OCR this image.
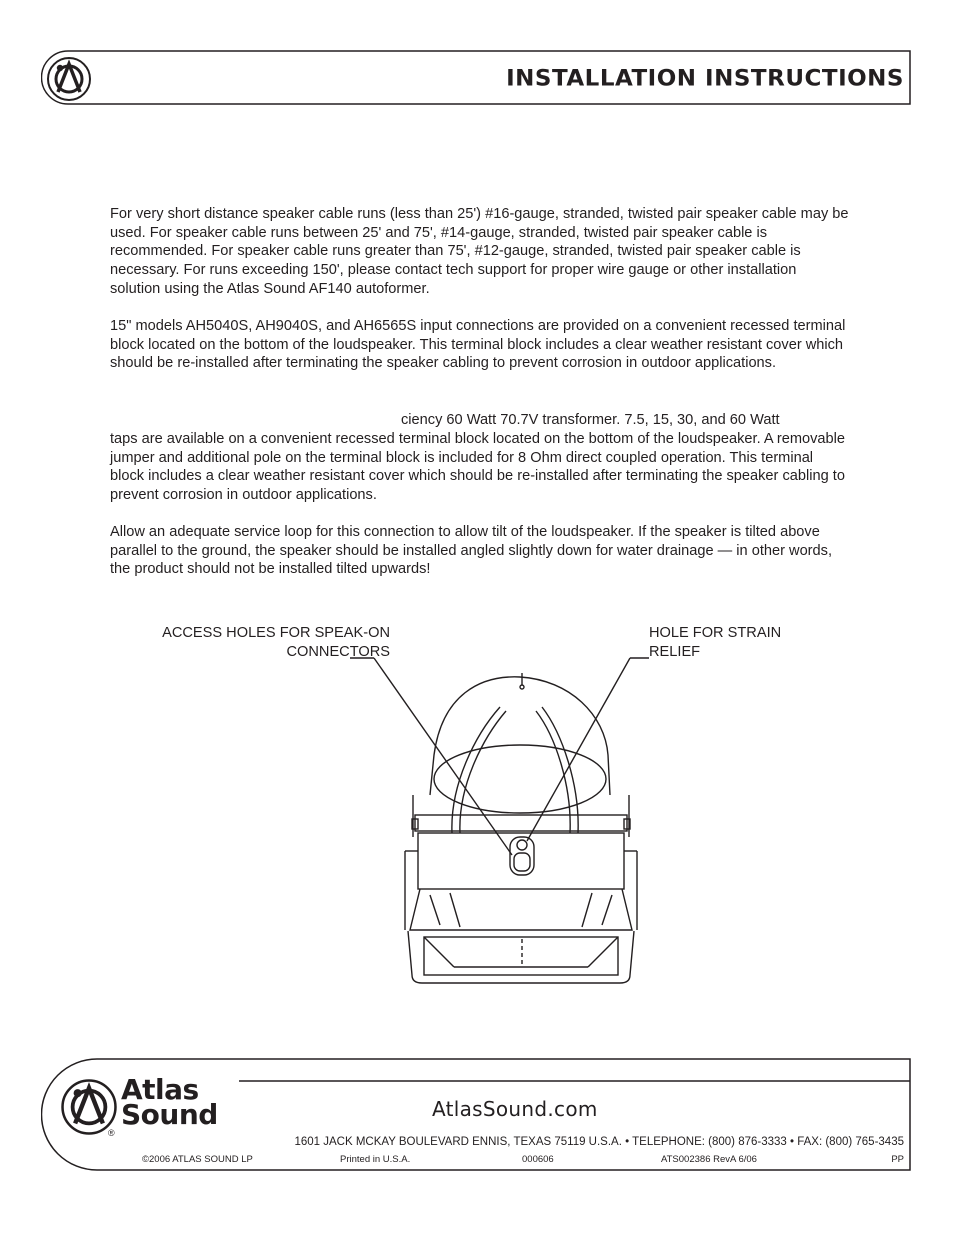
INSTALLATION INSTRUCTIONS

For very short distance speaker cable runs (less than 25') #16-gauge, stranded, twisted pair speaker cable may be used. For speaker cable runs between 25' and 75', #14-gauge, stranded, twisted pair speaker cable is recommended. For speaker cable runs greater than 75', #12-gauge, stranded, twisted pair speaker cable is necessary. For runs exceeding 150', please contact tech support for proper wire gauge or other installation solution using the Atlas Sound AF140 autoformer.

15" models AH5040S, AH9040S, and AH6565S input connections are provided on a convenient recessed terminal block located on the bottom of the loudspeaker. This terminal block includes a clear weather resistant cover which should be re-installed after terminating the speaker cabling to prevent corrosion in outdoor applications.

ciency 60 Watt 70.7V transformer. 7.5, 15, 30, and 60 Watt

taps are available on a convenient recessed terminal block located on the bottom of the loudspeaker. A removable jumper and additional pole on the terminal block is included for 8 Ohm direct coupled operation. This terminal block includes a clear weather resistant cover which should be re-installed after terminating the speaker cabling to prevent corrosion in outdoor applications.

Allow an adequate service loop for this connection to allow tilt of the loudspeaker. If the speaker is tilted above parallel to the ground, the speaker should be installed angled slightly down for water drainage — in other words, the product should not be installed tilted upwards!

ACCESS HOLES FOR SPEAK-ON
CONNECTORS
HOLE FOR STRAIN
RELIEF
Atlas
Sound
®
AtlasSound.com
1601 JACK MCKAY BOULEVARD ENNIS, TEXAS 75119 U.S.A. • TELEPHONE: (800) 876-3333 • FAX: (800) 765-3435
©2006 ATLAS SOUND LP	Printed in U.S.A.	000606	ATS002386 RevA 6/06	PP
